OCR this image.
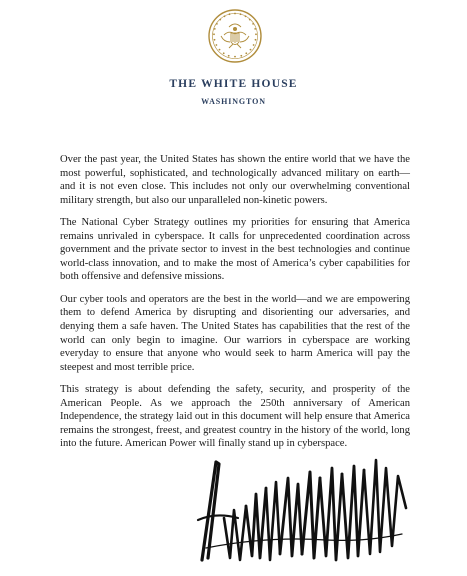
THE WHITE HOUSE
WASHINGTON

Over the past year, the United States has shown the entire world that we have the most powerful, sophisticated, and technologically advanced military on earth—and it is not even close. This includes not only our overwhelming conventional military strength, but also our unparalleled non-kinetic powers.

The National Cyber Strategy outlines my priorities for ensuring that America remains unrivaled in cyberspace. It calls for unprecedented coordination across government and the private sector to invest in the best technologies and continue world-class innovation, and to make the most of America’s cyber capabilities for both offensive and defensive missions.

Our cyber tools and operators are the best in the world—and we are empowering them to defend America by disrupting and disorienting our adversaries, and denying them a safe haven. The United States has capabilities that the rest of the world can only begin to imagine. Our warriors in cyberspace are working everyday to ensure that anyone who would seek to harm America will pay the steepest and most terrible price.

This strategy is about defending the safety, security, and prosperity of the American People. As we approach the 250th anniversary of American Independence, the strategy laid out in this document will help ensure that America remains the strongest, freest, and greatest country in the history of the world, long into the future. American Power will finally stand up in cyberspace.
